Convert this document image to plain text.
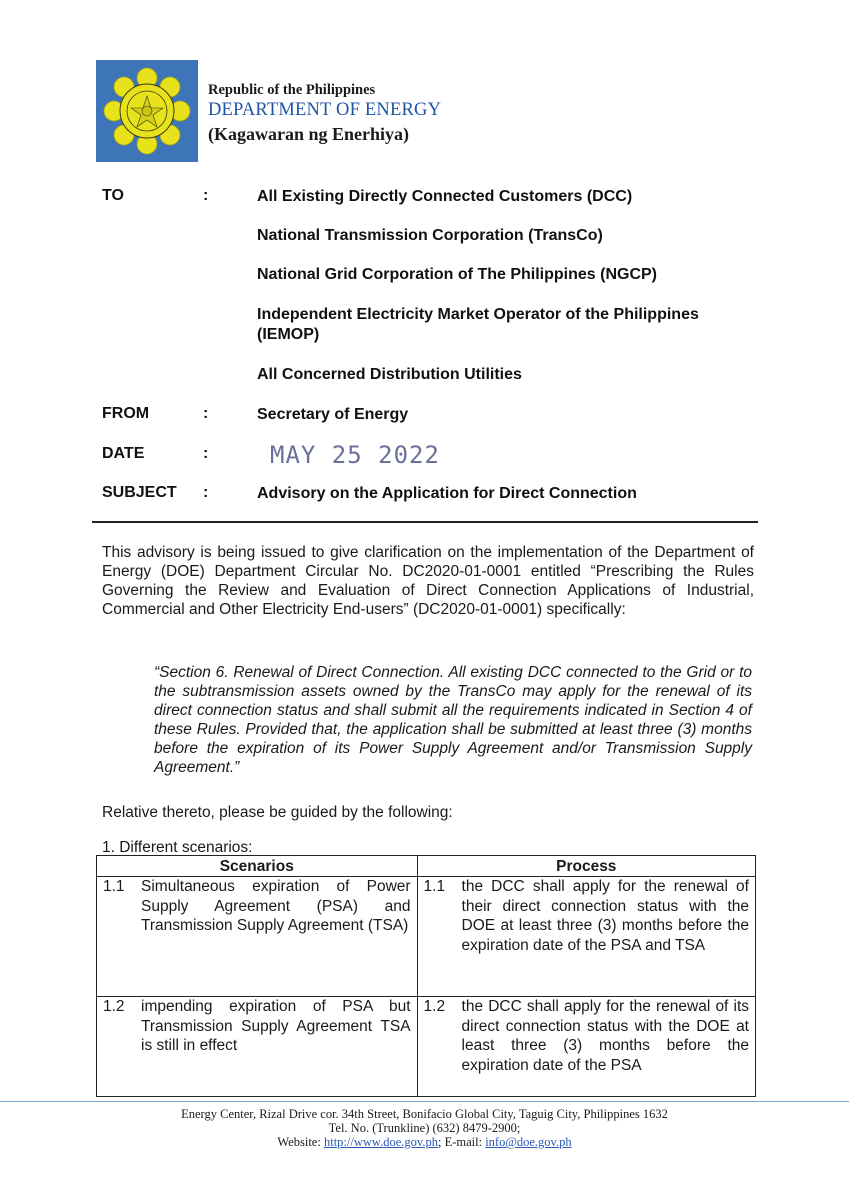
Republic of the Philippines
DEPARTMENT OF ENERGY
(Kagawaran ng Enerhiya)
TO	:	All Existing Directly Connected Customers (DCC)
National Transmission Corporation (TransCo)
National Grid Corporation of The Philippines (NGCP)
Independent Electricity Market Operator of the Philippines (IEMOP)
All Concerned Distribution Utilities
FROM	:	Secretary of Energy
DATE	:	MAY 25 2022
SUBJECT :	Advisory on the Application for Direct Connection
This advisory is being issued to give clarification on the implementation of the Department of Energy (DOE) Department Circular No. DC2020-01-0001 entitled “Prescribing the Rules Governing the Review and Evaluation of Direct Connection Applications of Industrial, Commercial and Other Electricity End-users” (DC2020-01-0001) specifically:
“Section 6. Renewal of Direct Connection. All existing DCC connected to the Grid or to the subtransmission assets owned by the TransCo may apply for the renewal of its direct connection status and shall submit all the requirements indicated in Section 4 of these Rules. Provided that, the application shall be submitted at least three (3) months before the expiration of its Power Supply Agreement and/or Transmission Supply Agreement.”
Relative thereto, please be guided by the following:
1. Different scenarios:
Scenarios	Process

1.1 Simultaneous expiration of Power Supply Agreement (PSA) and Transmission Supply Agreement (TSA)	1.1 the DCC shall apply for the renewal of their direct connection status with the DOE at least three (3) months before the expiration date of the PSA and TSA

1.2 impending expiration of PSA but Transmission Supply Agreement TSA is still in effect	1.2 the DCC shall apply for the renewal of its direct connection status with the DOE at least three (3) months before the expiration date of the PSA
Energy Center, Rizal Drive cor. 34th Street, Bonifacio Global City, Taguig City, Philippines 1632
Tel. No. (Trunkline) (632) 8479-2900;
Website: http://www.doe.gov.ph; E-mail: info@doe.gov.ph
